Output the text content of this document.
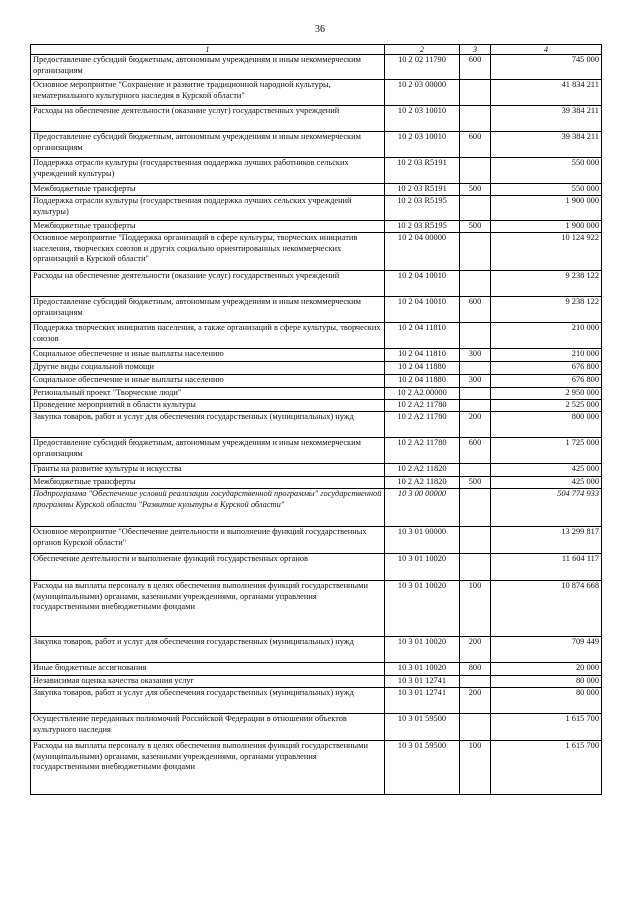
36
1	2	3	4
Предоставление субсидий бюджетным, автономным учреждениям и иным некоммерческим организациям	10 2 02 11790	600	745 000
Основное мероприятие "Сохранение и развитие традиционной народной культуры, нематериального культурного наследия в Курской области"	10 2 03 00000		41 834 211
Расходы на обеспечение деятельности (оказание услуг) государственных учреждений	10 2 03 10010		39 384 211
Предоставление субсидий бюджетным, автономным учреждениям и иным некоммерческим организациям	10 2 03 10010	600	39 384 211
Поддержка отрасли культуры (государственная поддержка лучших работников сельских учреждений культуры)	10 2 03 R5191		550 000
Межбюджетные трансферты	10 2 03 R5191	500	550 000
Поддержка отрасли культуры (государственная поддержка лучших сельских учреждений культуры)	10 2 03 R5195		1 900 000
Межбюджетные трансферты	10 2 03 R5195	500	1 900 000
Основное мероприятие "Поддержка организаций в сфере культуры, творческих инициатив населения, творческих союзов и других социально ориентированных некоммерческих организаций в Курской области"	10 2 04 00000		10 124 922
Расходы на обеспечение деятельности (оказание услуг) государственных учреждений	10 2 04 10010		9 238 122
Предоставление субсидий бюджетным, автономным учреждениям и иным некоммерческим организациям	10 2 04 10010	600	9 238 122
Поддержка творческих инициатив населения, а также организаций в сфере культуры, творческих союзов	10 2 04 11810		210 000
Социальное обеспечение и иные выплаты населению	10 2 04 11810	300	210 000
Другие виды социальной помощи	10 2 04 11880		676 800
Социальное обеспечение и иные выплаты населению	10 2 04 11880	300	676 800
Региональный проект "Творческие люди"	10 2 A2 00000		2 950 000
Проведение мероприятий в области культуры	10 2 A2 11780		2 525 000
Закупка товаров, работ и услуг для обеспечения государственных (муниципальных) нужд	10 2 A2 11780	200	800 000
Предоставление субсидий бюджетным, автономным учреждениям и иным некоммерческим организациям	10 2 A2 11780	600	1 725 000
Гранты на развитие культуры и искусства	10 2 A2 11820		425 000
Межбюджетные трансферты	10 2 A2 11820	500	425 000
Подпрограмма "Обеспечение условий реализации государственной программы" государственной программы Курской области "Развитие культуры в Курской области"	10 3 00 00000		504 774 933
Основное мероприятие "Обеспечение деятельности и выполнение функций государственных органов Курской области"	10 3 01 00000		13 299 817
Обеспечение деятельности и выполнение функций государственных органов	10 3 01 10020		11 604 117
Расходы на выплаты персоналу в целях обеспечения выполнения функций государственными (муниципальными) органами, казенными учреждениями, органами управления государственными внебюджетными фондами	10 3 01 10020	100	10 874 668
Закупка товаров, работ и услуг для обеспечения государственных (муниципальных) нужд	10 3 01 10020	200	709 449
Иные бюджетные ассигнования	10 3 01 10020	800	20 000
Независимая оценка качества оказания услуг	10 3 01 12741		80 000
Закупка товаров, работ и услуг для обеспечения государственных (муниципальных) нужд	10 3 01 12741	200	80 000
Осуществление переданных полномочий Российской Федерации в отношении объектов культурного наследия	10 3 01 59500		1 615 700
Расходы на выплаты персоналу в целях обеспечения выполнения функций государственными (муниципальными) органами, казенными учреждениями, органами управления государственными внебюджетными фондами	10 3 01 59500	100	1 615 700
